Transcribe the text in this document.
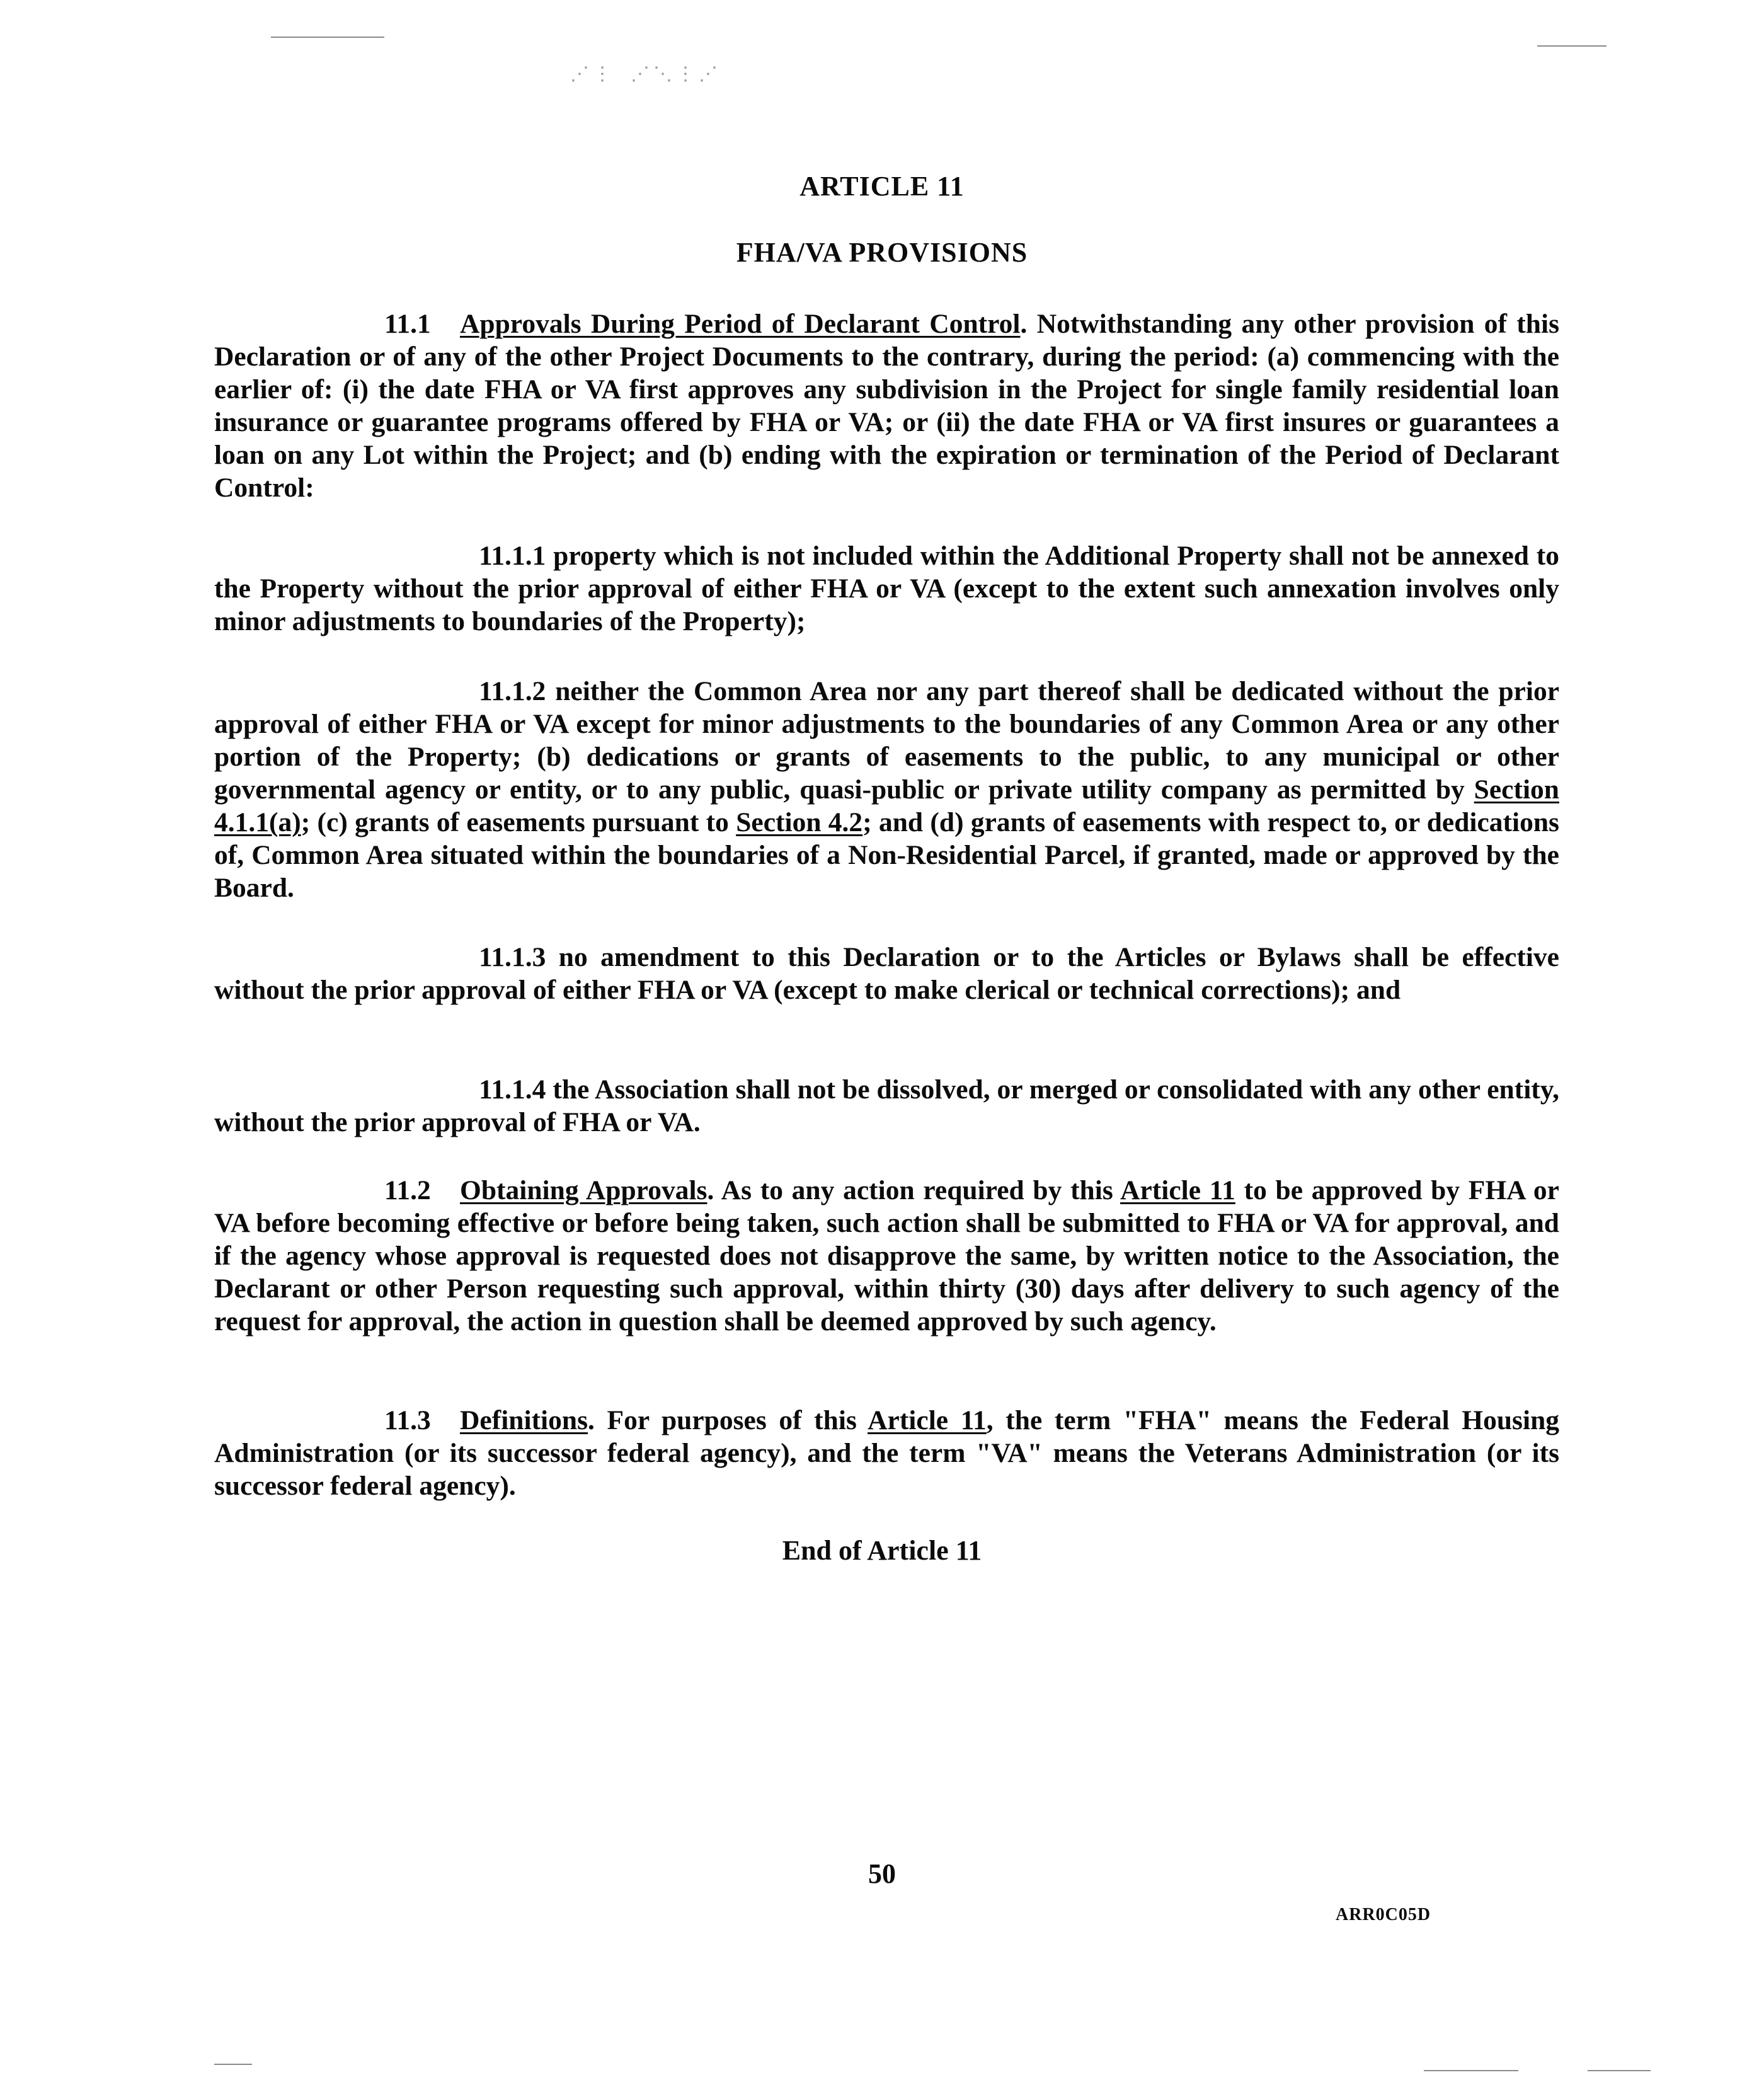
⋰⋮ ⋰⋱⋮⋰
ARTICLE 11
FHA/VA PROVISIONS

11.1 Approvals During Period of Declarant Control. Notwithstanding any other provision of this Declaration or of any of the other Project Documents to the contrary, during the period: (a) commencing with the earlier of: (i) the date FHA or VA first approves any subdivision in the Project for single family residential loan insurance or guarantee programs offered by FHA or VA; or (ii) the date FHA or VA first insures or guarantees a loan on any Lot within the Project; and (b) ending with the expiration or termination of the Period of Declarant Control:

11.1.1 property which is not included within the Additional Property shall not be annexed to the Property without the prior approval of either FHA or VA (except to the extent such annexation involves only minor adjustments to boundaries of the Property);

11.1.2 neither the Common Area nor any part thereof shall be dedicated without the prior approval of either FHA or VA except for minor adjustments to the boundaries of any Common Area or any other portion of the Property; (b) dedications or grants of easements to the public, to any municipal or other governmental agency or entity, or to any public, quasi-public or private utility company as permitted by Section 4.1.1(a); (c) grants of easements pursuant to Section 4.2; and (d) grants of easements with respect to, or dedications of, Common Area situated within the boundaries of a Non-Residential Parcel, if granted, made or approved by the Board.

11.1.3 no amendment to this Declaration or to the Articles or Bylaws shall be effective without the prior approval of either FHA or VA (except to make clerical or technical corrections); and

11.1.4 the Association shall not be dissolved, or merged or consolidated with any other entity, without the prior approval of FHA or VA.

11.2 Obtaining Approvals. As to any action required by this Article 11 to be approved by FHA or VA before becoming effective or before being taken, such action shall be submitted to FHA or VA for approval, and if the agency whose approval is requested does not disapprove the same, by written notice to the Association, the Declarant or other Person requesting such approval, within thirty (30) days after delivery to such agency of the request for approval, the action in question shall be deemed approved by such agency.

11.3 Definitions. For purposes of this Article 11, the term "FHA" means the Federal Housing Administration (or its successor federal agency), and the term "VA" means the Veterans Administration (or its successor federal agency).

End of Article 11
50
ARR0C05D
